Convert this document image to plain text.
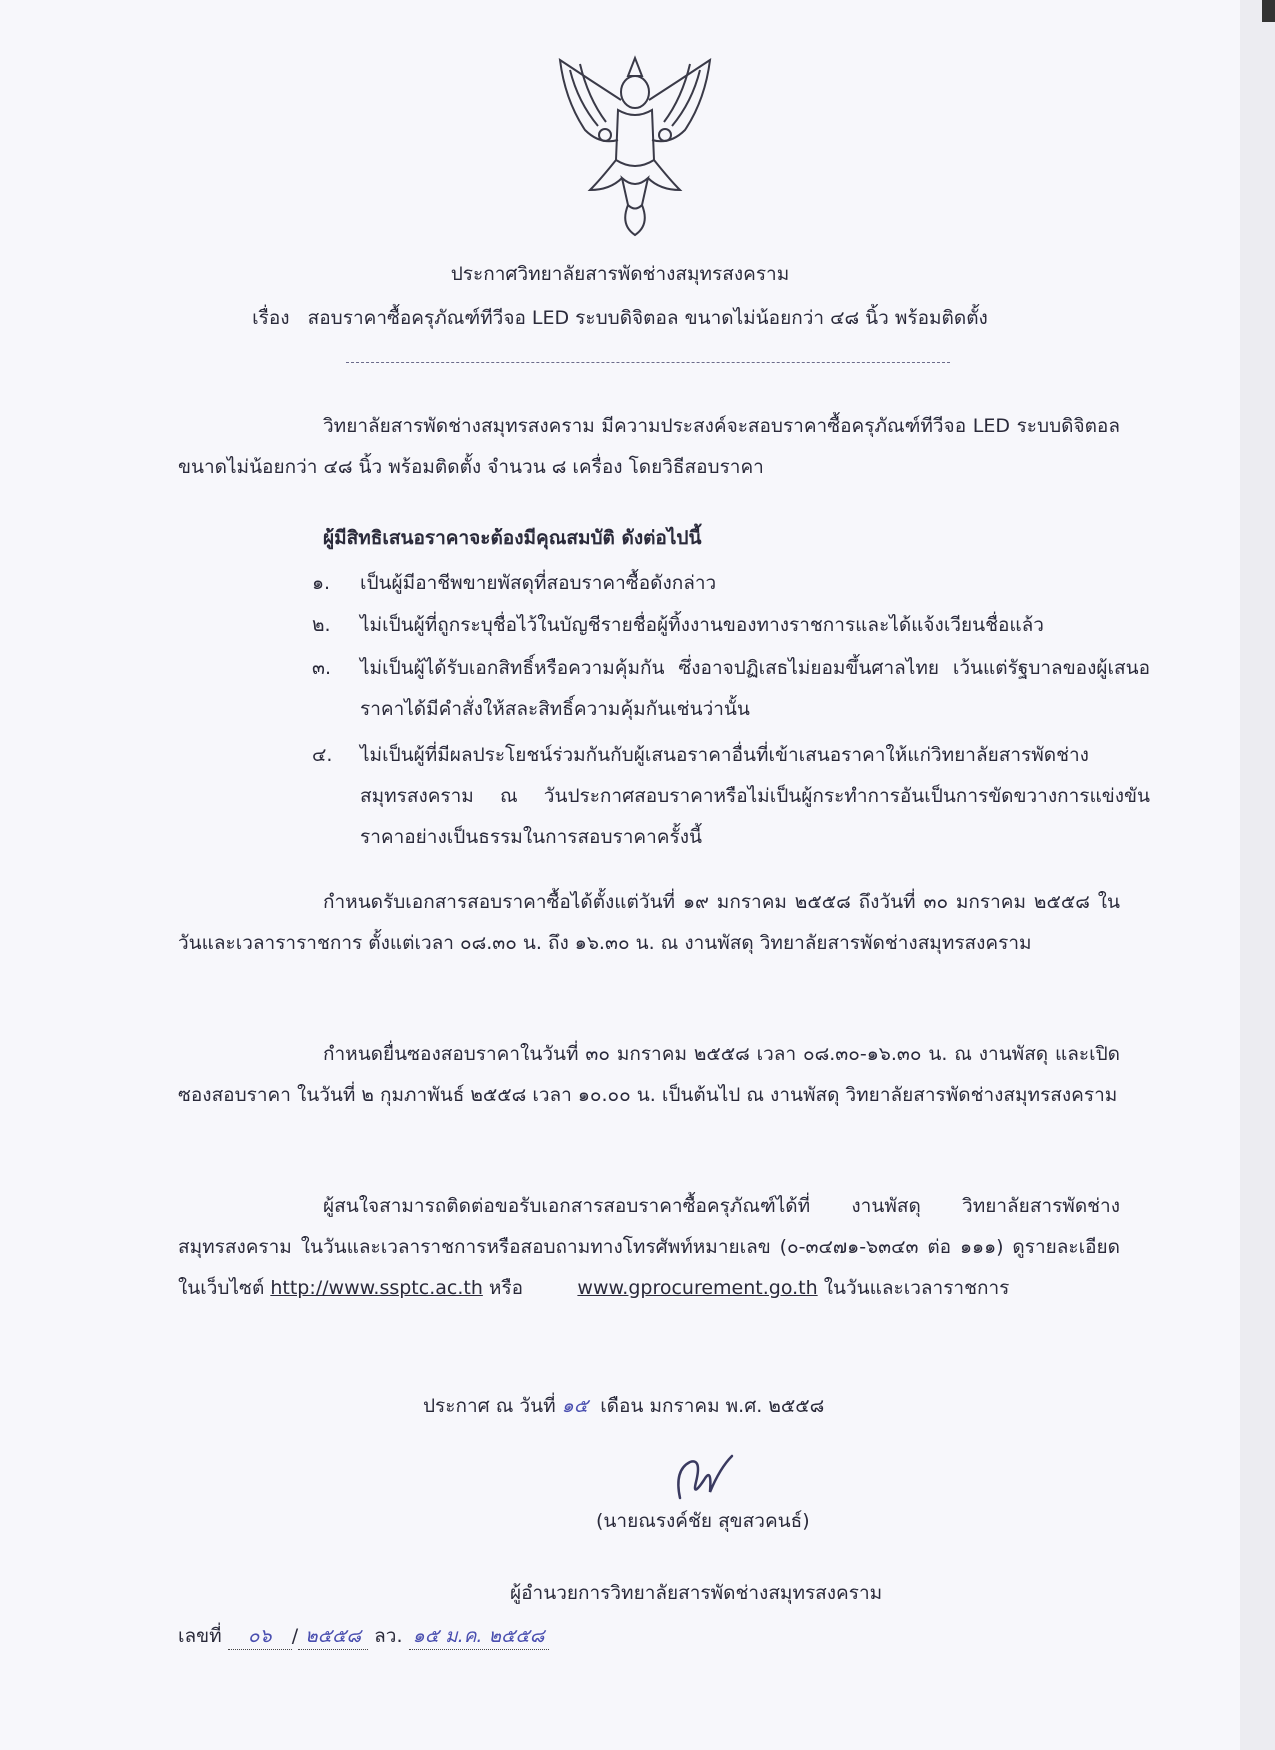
ประกาศวิทยาลัยสารพัดช่างสมุทรสงคราม
เรื่อง สอบราคาซื้อครุภัณฑ์ทีวีจอ LED ระบบดิจิตอล ขนาดไม่น้อยกว่า ๔๘ นิ้ว พร้อมติดตั้ง
วิทยาลัยสารพัดช่างสมุทรสงคราม มีความประสงค์จะสอบราคาซื้อครุภัณฑ์ทีวีจอ LED ระบบดิจิตอล ขนาดไม่น้อยกว่า ๔๘ นิ้ว พร้อมติดตั้ง จำนวน ๘ เครื่อง โดยวิธีสอบราคา
ผู้มีสิทธิเสนอราคาจะต้องมีคุณสมบัติ ดังต่อไปนี้
๑. เป็นผู้มีอาชีพขายพัสดุที่สอบราคาซื้อดังกล่าว
๒. ไม่เป็นผู้ที่ถูกระบุชื่อไว้ในบัญชีรายชื่อผู้ทิ้งงานของทางราชการและได้แจ้งเวียนชื่อแล้ว
๓. ไม่เป็นผู้ได้รับเอกสิทธิ์หรือความคุ้มกัน ซึ่งอาจปฏิเสธไม่ยอมขึ้นศาลไทย เว้นแต่รัฐบาลของผู้เสนอราคาได้มีคำสั่งให้สละสิทธิ์ความคุ้มกันเช่นว่านั้น
๔. ไม่เป็นผู้ที่มีผลประโยชน์ร่วมกันกับผู้เสนอราคาอื่นที่เข้าเสนอราคาให้แก่วิทยาลัยสารพัดช่างสมุทรสงคราม ณ วันประกาศสอบราคาหรือไม่เป็นผู้กระทำการอันเป็นการขัดขวางการแข่งขันราคาอย่างเป็นธรรมในการสอบราคาครั้งนี้
กำหนดรับเอกสารสอบราคาซื้อได้ตั้งแต่วันที่ ๑๙ มกราคม ๒๕๕๘ ถึงวันที่ ๓๐ มกราคม ๒๕๕๘ ในวันและเวลาราราชการ ตั้งแต่เวลา ๐๘.๓๐ น. ถึง ๑๖.๓๐ น. ณ งานพัสดุ วิทยาลัยสารพัดช่างสมุทรสงคราม
กำหนดยื่นซองสอบราคาในวันที่ ๓๐ มกราคม ๒๕๕๘ เวลา ๐๘.๓๐-๑๖.๓๐ น. ณ งานพัสดุ และเปิดซองสอบราคา ในวันที่ ๒ กุมภาพันธ์ ๒๕๕๘ เวลา ๑๐.๐๐ น. เป็นต้นไป ณ งานพัสดุ วิทยาลัยสารพัดช่างสมุทรสงคราม
ผู้สนใจสามารถติดต่อขอรับเอกสารสอบราคาซื้อครุภัณฑ์ได้ที่ งานพัสดุ วิทยาลัยสารพัดช่างสมุทรสงคราม ในวันและเวลาราชการหรือสอบถามทางโทรศัพท์หมายเลข (๐-๓๔๗๑-๖๓๔๓ ต่อ ๑๑๑) ดูรายละเอียดในเว็บไซต์ http://www.ssptc.ac.th หรือ	www.gprocurement.go.th ในวันและเวลาราชการ
ประกาศ ณ วันที่ ๑๕ เดือน มกราคม พ.ศ. ๒๕๕๘
(นายณรงค์ชัย สุขสวคนธ์)
ผู้อำนวยการวิทยาลัยสารพัดช่างสมุทรสงคราม
เลขที่ ๐๖ / ๒๕๕๘ ลว. ๑๕ ม.ค. ๒๕๕๘
